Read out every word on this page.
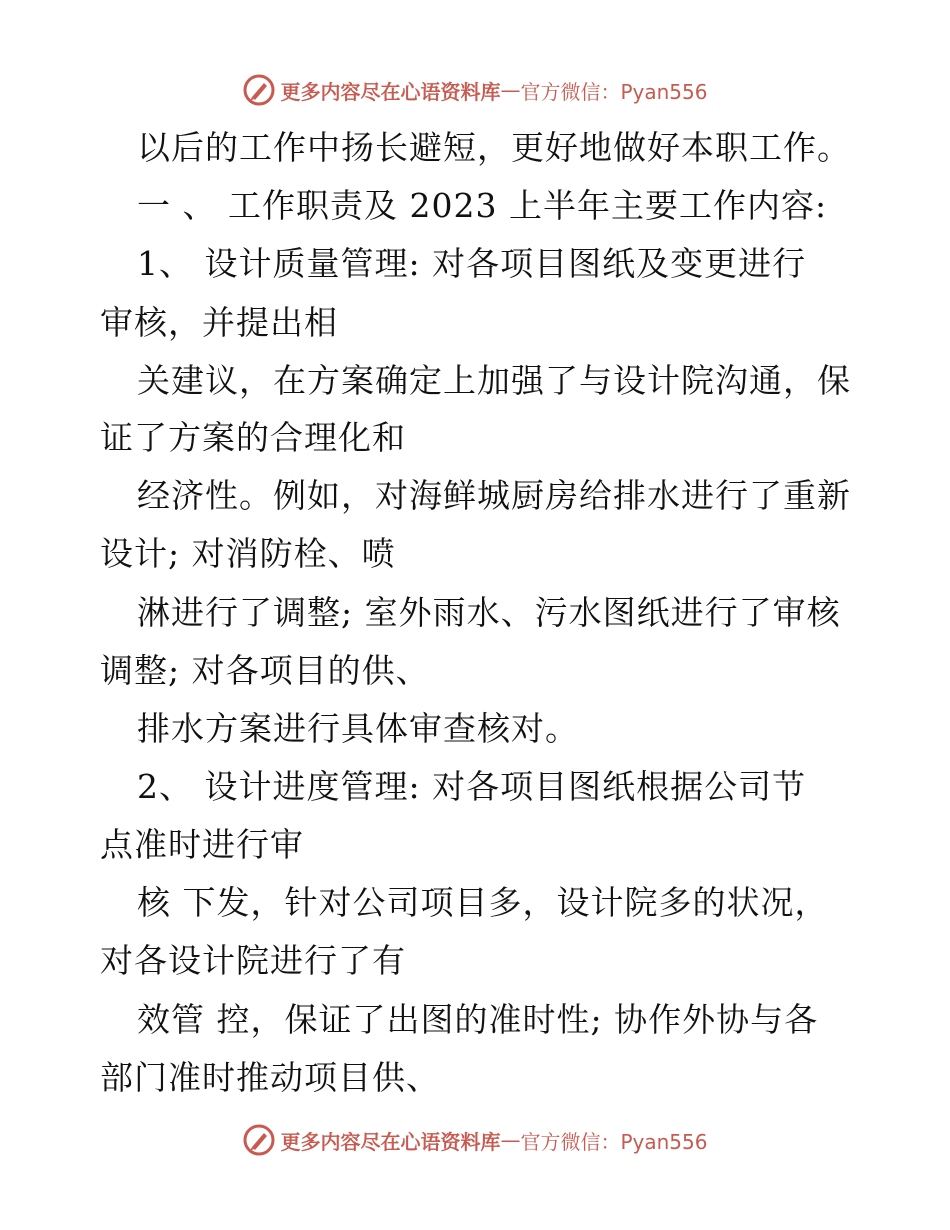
更多内容尽在心语资料库 — 官方微信：Pyan556
以后的工作中扬长避短，更好地做好本职工作。
一 、 工作职责及 2023 上半年主要工作内容:
1、 设计质量管理: 对各项目图纸及变更进行
审核，并提出相
关建议，在方案确定上加强了与设计院沟通，保
证了方案的合理化和
经济性。例如，对海鲜城厨房给排水进行了重新
设计; 对消防栓、喷
淋进行了调整; 室外雨水、污水图纸进行了审核
调整; 对各项目的供、
排水方案进行具体审查核对。
2、 设计进度管理: 对各项目图纸根据公司节
点准时进行审
核 下发，针对公司项目多，设计院多的状况，
对各设计院进行了有
效管 控，保证了出图的准时性; 协作外协与各
部门准时推动项目供、
更多内容尽在心语资料库 — 官方微信：Pyan556
